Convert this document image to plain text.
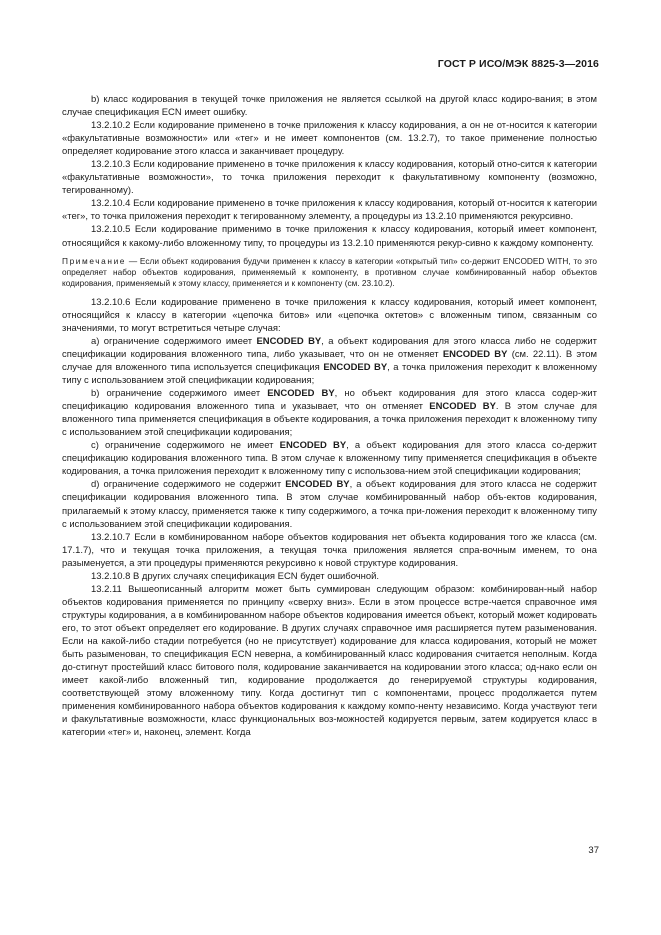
ГОСТ Р ИСО/МЭК 8825-3—2016

b) класс кодирования в текущей точке приложения не является ссылкой на другой класс кодиро-вания; в этом случае спецификация ECN имеет ошибку.

13.2.10.2 Если кодирование применено в точке приложения к классу кодирования, а он не от-носится к категории «факультативные возможности» или «тег» и не имеет компонентов (см. 13.2.7), то такое применение полностью определяет кодирование этого класса и заканчивает процедуру.

13.2.10.3 Если кодирование применено в точке приложения к классу кодирования, который отно-сится к категории «факультативные возможности», то точка приложения переходит к факультативному компоненту (возможно, тегированному).

13.2.10.4 Если кодирование применено в точке приложения к классу кодирования, который от-носится к категории «тег», то точка приложения переходит к тегированному элементу, а процедуры из 13.2.10 применяются рекурсивно.

13.2.10.5 Если кодирование применимо в точке приложения к классу кодирования, который имеет компонент, относящийся к какому-либо вложенному типу, то процедуры из 13.2.10 применяются рекур-сивно к каждому компоненту.

Примечание — Если объект кодирования будучи применен к классу в категории «открытый тип» со-держит ENCODED WITH, то это определяет набор объектов кодирования, применяемый к компоненту, в противном случае комбинированный набор объектов кодирования, применяемый к этому классу, применяется и к компоненту (см. 23.10.2).

13.2.10.6 Если кодирование применено в точке приложения к классу кодирования, который имеет компонент, относящийся к классу в категории «цепочка битов» или «цепочка октетов» с вложенным типом, связанным со значениями, то могут встретиться четыре случая:

а) ограничение содержимого имеет ENCODED BY, а объект кодирования для этого класса либо не содержит спецификации кодирования вложенного типа, либо указывает, что он не отменяет ENCODED BY (см. 22.11). В этом случае для вложенного типа используется спецификация ENCODED BY, а точка приложения переходит к вложенному типу с использованием этой спецификации кодирования;

b) ограничение содержимого имеет ENCODED BY, но объект кодирования для этого класса содер-жит спецификацию кодирования вложенного типа и указывает, что он отменяет ENCODED BY. В этом случае для вложенного типа применяется спецификация в объекте кодирования, а точка приложения переходит к вложенному типу с использованием этой спецификации кодирования;

с) ограничение содержимого не имеет ENCODED BY, а объект кодирования для этого класса со-держит спецификацию кодирования вложенного типа. В этом случае к вложенному типу применяется спецификация в объекте кодирования, а точка приложения переходит к вложенному типу с использова-нием этой спецификации кодирования;

d) ограничение содержимого не содержит ENCODED BY, а объект кодирования для этого класса не содержит спецификации кодирования вложенного типа. В этом случае комбинированный набор объ-ектов кодирования, прилагаемый к этому классу, применяется также к типу содержимого, а точка при-ложения переходит к вложенному типу с использованием этой спецификации кодирования.

13.2.10.7 Если в комбинированном наборе объектов кодирования нет объекта кодирования того же класса (см. 17.1.7), что и текущая точка приложения, а текущая точка приложения является спра-вочным именем, то она разыменуется, а эти процедуры применяются рекурсивно к новой структуре кодирования.

13.2.10.8 В других случаях спецификация ECN будет ошибочной.

13.2.11 Вышеописанный алгоритм может быть суммирован следующим образом: комбинирован-ный набор объектов кодирования применяется по принципу «сверху вниз». Если в этом процессе встре-чается справочное имя структуры кодирования, а в комбинированном наборе объектов кодирования имеется объект, который может кодировать его, то этот объект определяет его кодирование. В других случаях справочное имя расширяется путем разыменования. Если на какой-либо стадии потребуется (но не присутствует) кодирование для класса кодирования, который не может быть разыменован, то спецификация ECN неверна, а комбинированный класс кодирования считается неполным. Когда до-стигнут простейший класс битового поля, кодирование заканчивается на кодировании этого класса; од-нако если он имеет какой-либо вложенный тип, кодирование продолжается до генерируемой структуры кодирования, соответствующей этому вложенному типу. Когда достигнут тип с компонентами, процесс продолжается путем применения комбинированного набора объектов кодирования к каждому компо-ненту независимо. Когда участвуют теги и факультативные возможности, класс функциональных воз-можностей кодируется первым, затем кодируется класс в категории «тег» и, наконец, элемент. Когда

37
